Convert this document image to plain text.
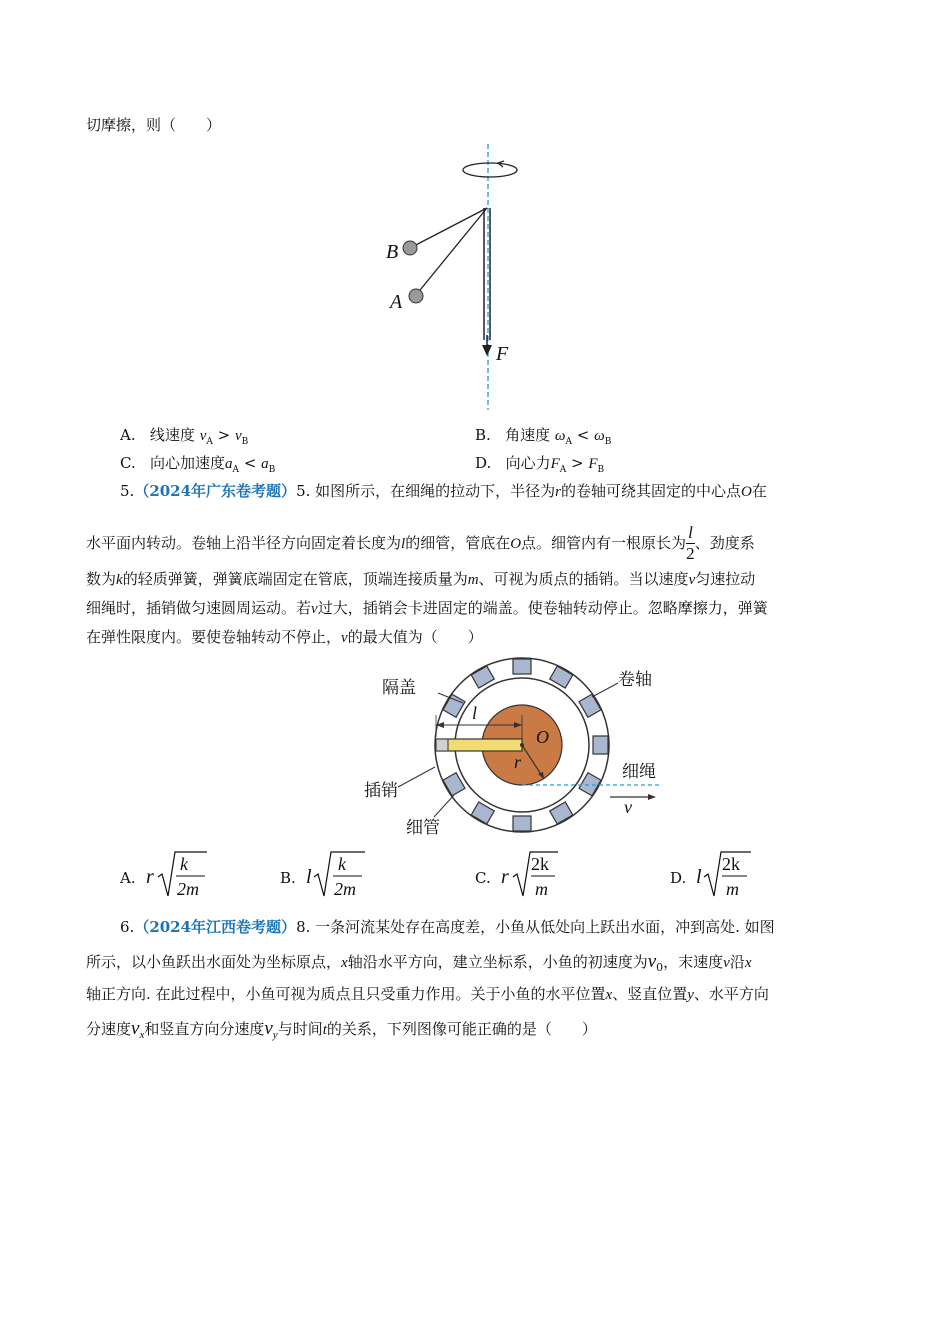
切摩擦，则（　　）
B
A
F
A. 线速度 $v_A > v_B$	B. 角速度 $\omega_A < \omega_B$
C. 向心加速度$a_A < a_B$	D. 向心力$F_A > F_B$
5.（2024年广东卷考题）5. 如图所示，在细绳的拉动下，半径为r的卷轴可绕其固定的中心点O在
水平面内转动。卷轴上沿半径方向固定着长度为l的细管，管底在O点。细管内有一根原长为 $\frac{l}{2}$ 、劲度系
数为k的轻质弹簧，弹簧底端固定在管底，顶端连接质量为m、可视为质点的插销。当以速度v匀速拉动
细绳时，插销做匀速圆周运动。若v过大，插销会卡进固定的端盖。使卷轴转动停止。忽略摩擦力，弹簧
在弹性限度内。要使卷轴转动不停止，v的最大值为（　　）
隔盖	卷轴
l
O
r	细绳
v
插销
细管
A. r
k
2m
B. l
k
2m
C. r
2k
m
D. l
2k
m
6.（2024年江西卷考题）8. 一条河流某处存在高度差，小鱼从低处向上跃出水面，冲到高处. 如图
所示，以小鱼跃出水面处为坐标原点，x轴沿水平方向，建立坐标系，小鱼的初速度为$v_0$，末速度v沿x
轴正方向. 在此过程中，小鱼可视为质点且只受重力作用。关于小鱼的水平位置x、竖直位置y、水平方向
分速度$v_x$和竖直方向分速度$v_y$与时间t的关系，下列图像可能正确的是（　　）
